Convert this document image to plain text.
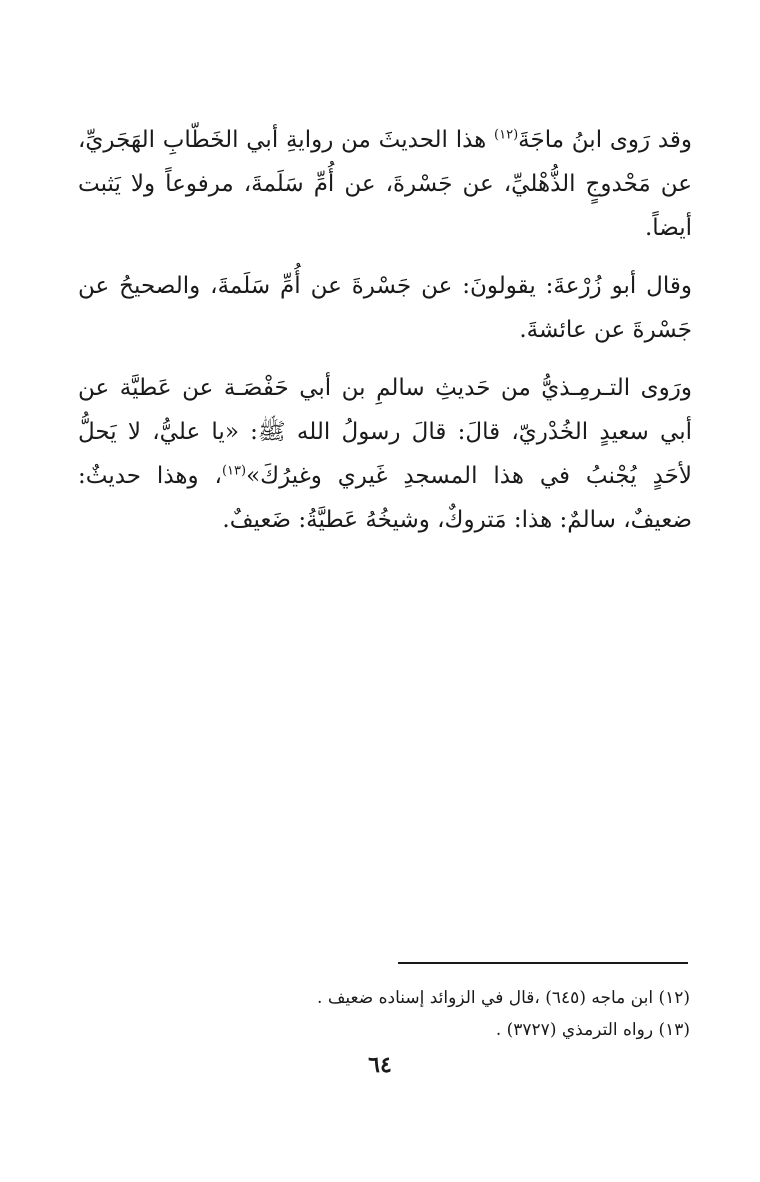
وقد رَوى ابنُ ماجَةَ$^{(١٢)}$ هذا الحديثَ من روايةِ أبي الخَطّابِ الهَجَريِّ، عن مَحْدوجٍ الذُّهْليِّ، عن جَسْرةَ، عن أُمِّ سَلَمةَ، مرفوعاً ولا يَثبت أيضاً.

وقال أبو زُرْعةَ: يقولونَ: عن جَسْرةَ عن أُمِّ سَلَمةَ، والصحيحُ عن جَسْرةَ عن عائشةَ.

ورَوى التـرمِـذيُّ من حَديثِ سالمِ بن أبي حَفْصَـة عن عَطيَّة عن أبي سعيدٍ الخُدْريّ، قالَ: قالَ رسولُ الله ﷺ: «يا عليُّ، لا يَحلُّ لأحَدٍ يُجْنبُ في هذا المسجدِ غَيري وغيرُكَ»$^{(١٣)}$، وهذا حديثٌ: ضعيفٌ، سالمٌ: هذا: مَتروكٌ، وشيخُهُ عَطيَّةُ: ضَعيفٌ.

(١٢) ابن ماجه (٦٤٥) ،قال في الزوائد إسناده ضعيف .
(١٣) رواه الترمذي (٣٧٢٧) .
٦٤
